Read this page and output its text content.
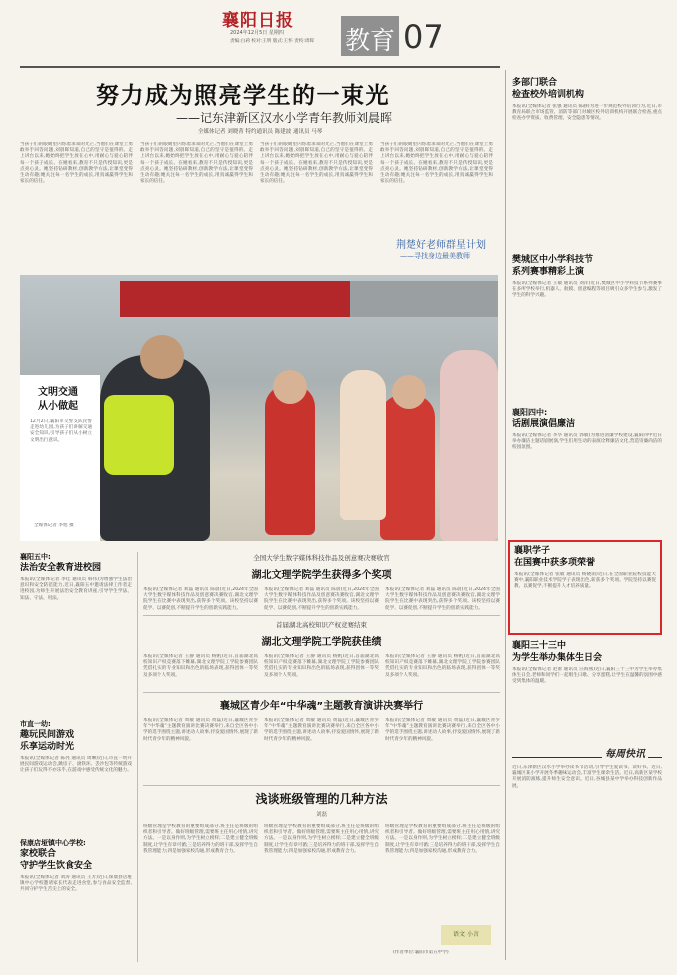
襄阳日报
2024年12月5日 星期四
责编:白莉 校对:王明 版式:王怀 责校:周晖	教育 07
努力成为照亮学生的一束光
——记东津新区汉水小学青年教师刘晨晖
全媒体记者 刘晓菁 特约通讯员 陈建波 通讯员 马琴
当孩子们的眼睛里闪烁着求知的光芒,当他们在课堂上勇敢举手回答问题,刘晨晖知道,自己的坚守是值得的。走上讲台以来,她始终把学生放在心中,用耐心与爱心陪伴每一个孩子成长。在她看来,教育不只是传授知识,更是点亮心灵。她坚持钻研教材,创新教学方法,让课堂变得生动有趣;她关注每一名学生的成长,用真诚赢得学生和家长的信任。
当孩子们的眼睛里闪烁着求知的光芒,当他们在课堂上勇敢举手回答问题,刘晨晖知道,自己的坚守是值得的。走上讲台以来,她始终把学生放在心中,用耐心与爱心陪伴每一个孩子成长。在她看来,教育不只是传授知识,更是点亮心灵。她坚持钻研教材,创新教学方法,让课堂变得生动有趣;她关注每一名学生的成长,用真诚赢得学生和家长的信任。
当孩子们的眼睛里闪烁着求知的光芒,当他们在课堂上勇敢举手回答问题,刘晨晖知道,自己的坚守是值得的。走上讲台以来,她始终把学生放在心中,用耐心与爱心陪伴每一个孩子成长。在她看来,教育不只是传授知识,更是点亮心灵。她坚持钻研教材,创新教学方法,让课堂变得生动有趣;她关注每一名学生的成长,用真诚赢得学生和家长的信任。
当孩子们的眼睛里闪烁着求知的光芒,当他们在课堂上勇敢举手回答问题,刘晨晖知道,自己的坚守是值得的。走上讲台以来,她始终把学生放在心中,用耐心与爱心陪伴每一个孩子成长。在她看来,教育不只是传授知识,更是点亮心灵。她坚持钻研教材,创新教学方法,让课堂变得生动有趣;她关注每一名学生的成长,用真诚赢得学生和家长的信任。
荆楚好老师群星计划
——寻找身边最美教师
文明交通
从小做起
12月2日,襄阳市交警支队民警走进幼儿园,为孩子们讲解交通安全知识,引导孩子们从小树立文明出行意识。
全媒体记者 李旭 摄
襄阳五中:
法治安全教育进校园
本报讯(全媒体记者 李佳 通讯员 韩伟)为增强学生法治意识和安全防范能力,近日,襄阳五中邀请法律工作者走进校园,为师生开展法治安全教育讲座,引导学生学法、知法、守法、用法。
市直一幼:
趣玩民间游戏
乐享运动时光
本报讯(全媒体记者 陈亮 通讯员 周琳)近日,市直一幼开展民间游戏运动会,跳房子、滚铁环、丢沙包等传统游戏让孩子们玩得不亦乐乎,在游戏中感受传统文化的魅力。
保康店垭镇中心学校:
家校联合
守护学生饮食安全
本报讯(全媒体记者 刘涛 通讯员 王芳)近日,保康县店垭镇中心学校邀请家长代表走进食堂,参与食品安全监督,共同守护学生舌尖上的安全。
全国大学生数字媒体科技作品及创意赛决赛收官
湖北文理学院学生获得多个奖项
本报讯(全媒体记者 刘磊 通讯员 陈晨)近日,2024年全国大学生数字媒体科技作品及创意赛决赛收官,湖北文理学院学生在比赛中表现突出,获得多个奖项。该校坚持以赛促学、以赛促创,不断提升学生的创新实践能力。
本报讯(全媒体记者 刘磊 通讯员 陈晨)近日,2024年全国大学生数字媒体科技作品及创意赛决赛收官,湖北文理学院学生在比赛中表现突出,获得多个奖项。该校坚持以赛促学、以赛促创,不断提升学生的创新实践能力。
本报讯(全媒体记者 刘磊 通讯员 陈晨)近日,2024年全国大学生数字媒体科技作品及创意赛决赛收官,湖北文理学院学生在比赛中表现突出,获得多个奖项。该校坚持以赛促学、以赛促创,不断提升学生的创新实践能力。
首届湖北高校知识产权竞赛结束
湖北文理学院工学院获佳绩
本报讯(全媒体记者 王静 通讯员 杨帆)近日,首届湖北高校知识产权竞赛落下帷幕,湖北文理学院工学院参赛团队凭借扎实的专业知识和出色的临场表现,获得团体一等奖及多项个人奖项。
本报讯(全媒体记者 王静 通讯员 杨帆)近日,首届湖北高校知识产权竞赛落下帷幕,湖北文理学院工学院参赛团队凭借扎实的专业知识和出色的临场表现,获得团体一等奖及多项个人奖项。
本报讯(全媒体记者 王静 通讯员 杨帆)近日,首届湖北高校知识产权竞赛落下帷幕,湖北文理学院工学院参赛团队凭借扎实的专业知识和出色的临场表现,获得团体一等奖及多项个人奖项。
襄城区青少年“中华魂”主题教育演讲决赛举行
本报讯(全媒体记者 周敏 通讯员 黄磊)近日,襄城区青少年“中华魂”主题教育演讲比赛决赛举行,来自全区各中小学的选手围绕主题,讲述动人故事,抒发爱国情怀,展现了新时代青少年的精神风貌。
本报讯(全媒体记者 周敏 通讯员 黄磊)近日,襄城区青少年“中华魂”主题教育演讲比赛决赛举行,来自全区各中小学的选手围绕主题,讲述动人故事,抒发爱国情怀,展现了新时代青少年的精神风貌。
本报讯(全媒体记者 周敏 通讯员 黄磊)近日,襄城区青少年“中华魂”主题教育演讲比赛决赛举行,来自全区各中小学的选手围绕主题,讲述动人故事,抒发爱国情怀,展现了新时代青少年的精神风貌。
浅谈班级管理的几种方法
刘磊
班级管理是学校教育的重要组成部分,班主任是班级的组织者和引导者。做好班级管理,需要班主任用心用情,讲究方法。一是以身作则,为学生树立榜样;二是建立健全班级制度,让学生有章可循;三是培养得力的班干部,发挥学生自我管理能力;四是加强家校沟通,形成教育合力。
班级管理是学校教育的重要组成部分,班主任是班级的组织者和引导者。做好班级管理,需要班主任用心用情,讲究方法。一是以身作则,为学生树立榜样;二是建立健全班级制度,让学生有章可循;三是培养得力的班干部,发挥学生自我管理能力;四是加强家校沟通,形成教育合力。
班级管理是学校教育的重要组成部分,班主任是班级的组织者和引导者。做好班级管理,需要班主任用心用情,讲究方法。一是以身作则,为学生树立榜样;二是建立健全班级制度,让学生有章可循;三是培养得力的班干部,发挥学生自我管理能力;四是加强家校沟通,形成教育合力。
(作者单位:襄阳市第五中学)
语文 小言
多部门联合
检查校外培训机构
本报讯(全媒体记者 张强 通讯员 陈静)为进一步规范校外培训行为,近日,市教育局联合市场监管、消防等部门对城区校外培训机构开展联合检查,重点检查办学资质、收费管理、安全隐患等情况。
樊城区中小学科技节
系列赛事精彩上演
本报讯(全媒体记者 王敏 通讯员 刘洋)近日,樊城区中小学科技节系列赛事在多所学校举行,机器人、航模、创意编程等项目吸引众多学生参与,激发了学生的科学兴趣。
襄阳四中:
话剧展演倡廉洁
本报讯(全媒体记者 李华 通讯员 郭敏)为推进清廉学校建设,襄阳四中近日举办廉洁主题话剧展演,学生们用生动的表演诠释廉洁文化,营造崇廉尚洁的校园氛围。
襄职学子
在国赛中获多项荣誉
本报讯(全媒体记者 张敏 通讯员 杨晓雨)近日,在全国职业院校技能大赛中,襄阳职业技术学院学子表现出色,斩获多个奖项。学院坚持以赛促教、以赛促学,不断提升人才培养质量。
襄阳三十三中
为学生举办集体生日会
本报讯(全媒体记者 赵蕾 通讯员 汪海燕)近日,襄阳三十三中为学生举办集体生日会,老师和同学们一起唱生日歌、分享蛋糕,让学生在温馨的氛围中感受到集体的温暖。
每周快讯
近日,东津新区汉水小学举办读书节活动,引导学生爱读书、读好书。近日,襄城区某小学开展冬季趣味运动会,丰富学生课余生活。近日,高新区某学校开展消防演练,提升师生安全意识。近日,谷城县某中学举办科技创新作品展。
